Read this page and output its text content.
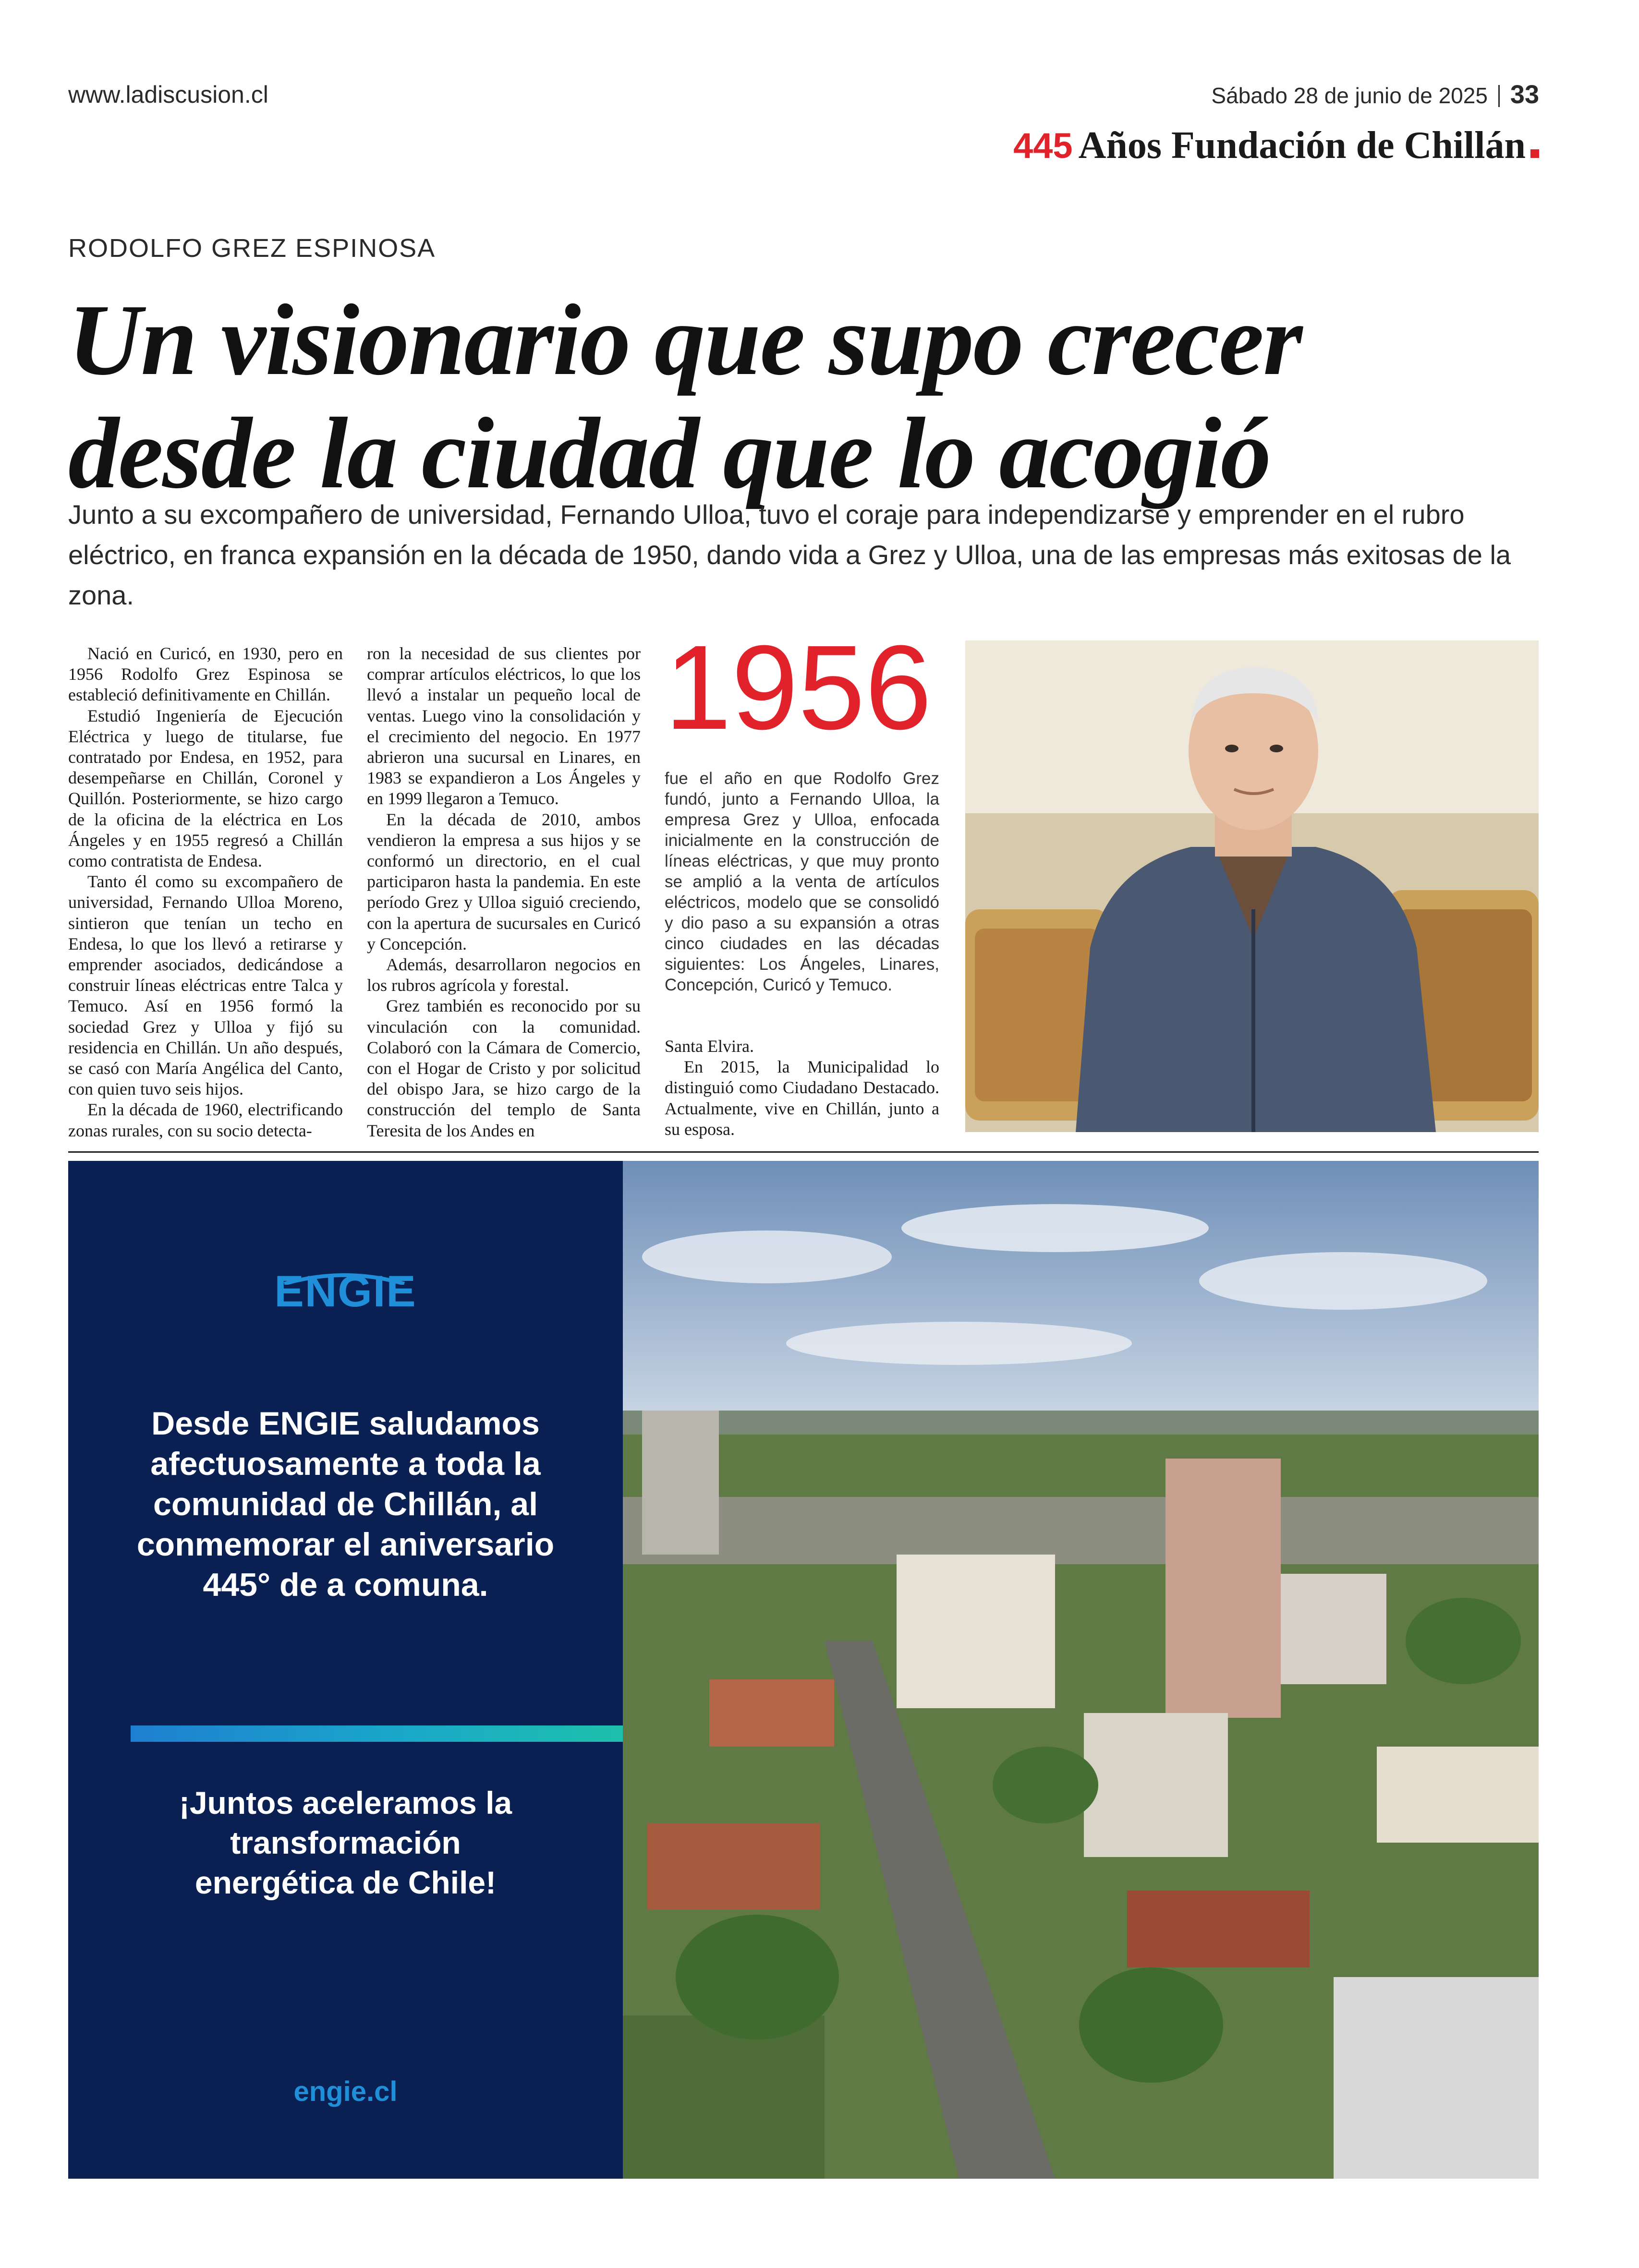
www.ladiscusion.cl	Sábado 28 de junio de 2025 33
445 Años Fundación de Chillán
RODOLFO GREZ ESPINOSA
Un visionario que supo crecer
desde la ciudad que lo acogió
Junto a su excompañero de universidad, Fernando Ulloa, tuvo el coraje para independizarse y emprender en el rubro eléctrico, en franca expansión en la década de 1950, dando vida a Grez y Ulloa, una de las empresas más exitosas de la zona.

Nació en Curicó, en 1930, pero en 1956 Rodolfo Grez Espinosa se estableció definitivamente en Chillán.

Estudió Ingeniería de Ejecución Eléctrica y luego de titularse, fue contratado por Endesa, en 1952, para desempeñarse en Chillán, Coronel y Quillón. Posteriormente, se hizo cargo de la oficina de la eléctrica en Los Ángeles y en 1955 regresó a Chillán como contratista de Endesa.

Tanto él como su excompañero de universidad, Fernando Ulloa Moreno, sintieron que tenían un techo en Endesa, lo que los llevó a retirarse y emprender asociados, dedicándose a construir líneas eléctricas entre Talca y Temuco. Así en 1956 formó la sociedad Grez y Ulloa y fijó su residencia en Chillán. Un año después, se casó con María Angélica del Canto, con quien tuvo seis hijos.

En la década de 1960, electrificando zonas rurales, con su socio detecta-

ron la necesidad de sus clientes por comprar artículos eléctricos, lo que los llevó a instalar un pequeño local de ventas. Luego vino la consolidación y el crecimiento del negocio. En 1977 abrieron una sucursal en Linares, en 1983 se expandieron a Los Ángeles y en 1999 llegaron a Temuco.

En la década de 2010, ambos vendieron la empresa a sus hijos y se conformó un directorio, en el cual participaron hasta la pandemia. En este período Grez y Ulloa siguió creciendo, con la apertura de sucursales en Curicó y Concepción.

Además, desarrollaron negocios en los rubros agrícola y forestal.

Grez también es reconocido por su vinculación con la comunidad. Colaboró con la Cámara de Comercio, con el Hogar de Cristo y por solicitud del obispo Jara, se hizo cargo de la construcción del templo de Santa Teresita de los Andes en

1956
fue el año en que Rodolfo Grez fundó, junto a Fernando Ulloa, la empresa Grez y Ulloa, enfocada inicialmente en la construcción de líneas eléctricas, y que muy pronto se amplió a la venta de artículos eléctricos, modelo que se consolidó y dio paso a su expansión a otras cinco ciudades en las décadas siguientes: Los Ángeles, Linares, Concepción, Curicó y Temuco.

Santa Elvira.

En 2015, la Municipalidad lo distinguió como Ciudadano Destacado. Actualmente, vive en Chillán, junto a su esposa.

ENGIE
Desde ENGIE saludamos afectuosamente a toda la comunidad de Chillán, al conmemorar el aniversario 445° de a comuna.
¡Juntos aceleramos la transformación energética de Chile!
engie.cl
